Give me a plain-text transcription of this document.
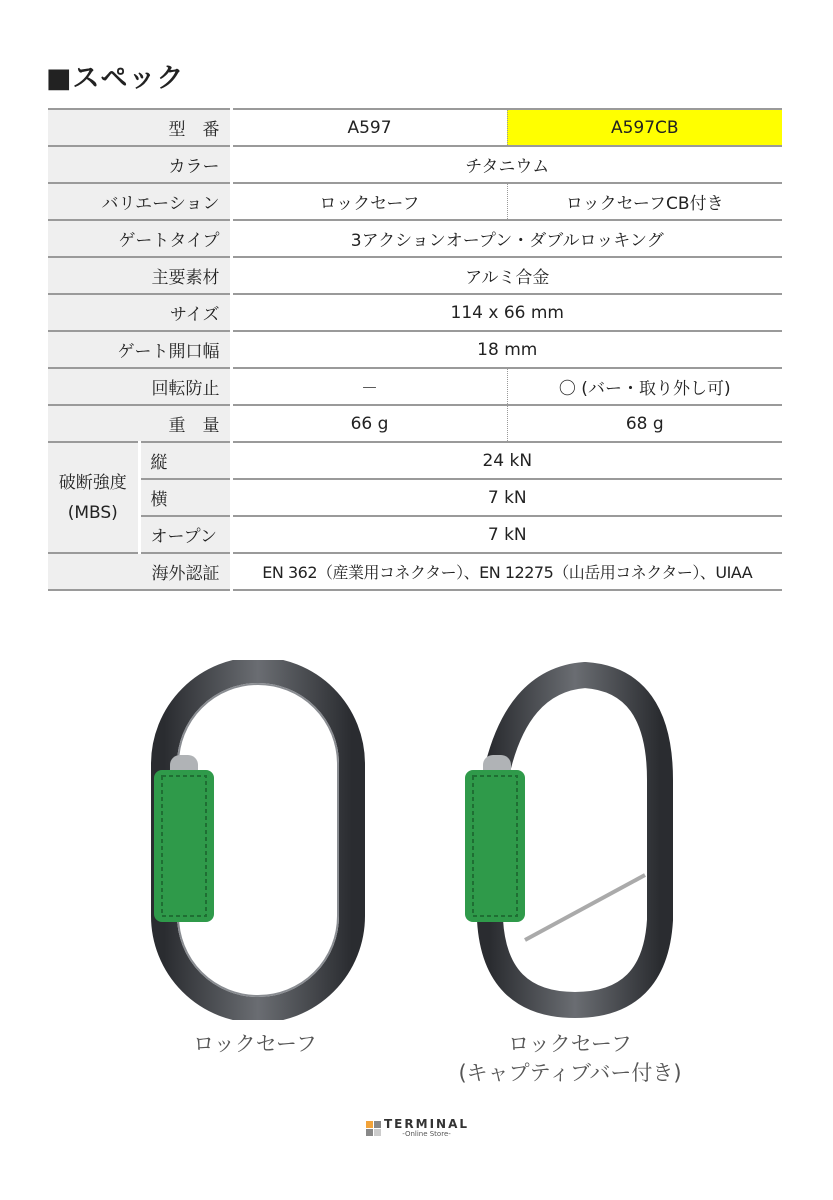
■スペック
型　番		A597	A597CB
カラー		チタニウム	
バリエーション		ロックセーフ	ロックセーフCB付き
ゲートタイプ		3アクションオープン・ダブルロッキング	
主要素材		アルミ合金	
サイズ		114 x 66 mm	
ゲート開口幅		18 mm	
回転防止		－	〇 (バー・取り外し可)
重　量		66 g	68 g
破断強度
(MBS)	縦	24 kN	
	横	7 kN	
	オープン	7 kN	
海外認証		EN 362（産業用コネクター）、EN 12275（山岳用コネクター）、UIAA	
ロックセーフ	ロックセーフ
(キャプティブバー付き)
TERMINAL
-Online Store-
